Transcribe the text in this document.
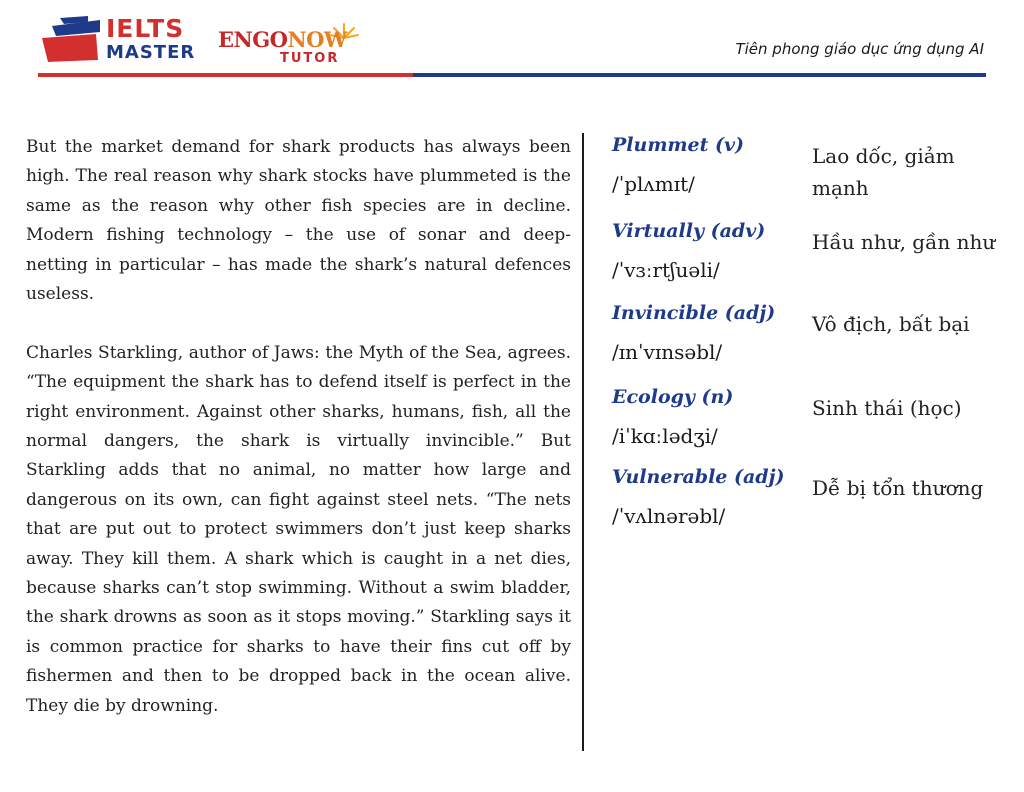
IELTS
MASTER
ENGONOW
TUTOR
Tiên phong giáo dục ứng dụng AI

But the market demand for shark products has always been high. The real reason why shark stocks have plummeted is the same as the reason why other fish species are in decline. Modern fishing technology – the use of sonar and deep- netting in particular – has made the shark’s natural defences useless.

Charles Starkling, author of Jaws: the Myth of the Sea, agrees. “The equipment the shark has to defend itself is perfect in the right environment. Against other sharks, humans, fish, all the normal dangers, the shark is virtually invincible.” But Starkling adds that no animal, no matter how large and dangerous on its own, can fight against steel nets. “The nets that are put out to protect swimmers don’t just keep sharks away. They kill them. A shark which is caught in a net dies, because sharks can’t stop swimming. Without a swim bladder, the shark drowns as soon as it stops moving.” Starkling says it is common practice for sharks to have their fins cut off by fishermen and then to be dropped back in the ocean alive. They die by drowning.

Plummet (v)
/ˈplʌmɪt/
Lao dốc, giảm mạnh
Virtually (adv)
/ˈvɜːrtʃuəli/
Hầu như, gần như
Invincible (adj)
/ɪnˈvɪnsəbl/
Vô địch, bất bại
Ecology (n)
/iˈkɑːlədʒi/
Sinh thái (học)
Vulnerable (adj)
/ˈvʌlnərəbl/
Dễ bị tổn thương
